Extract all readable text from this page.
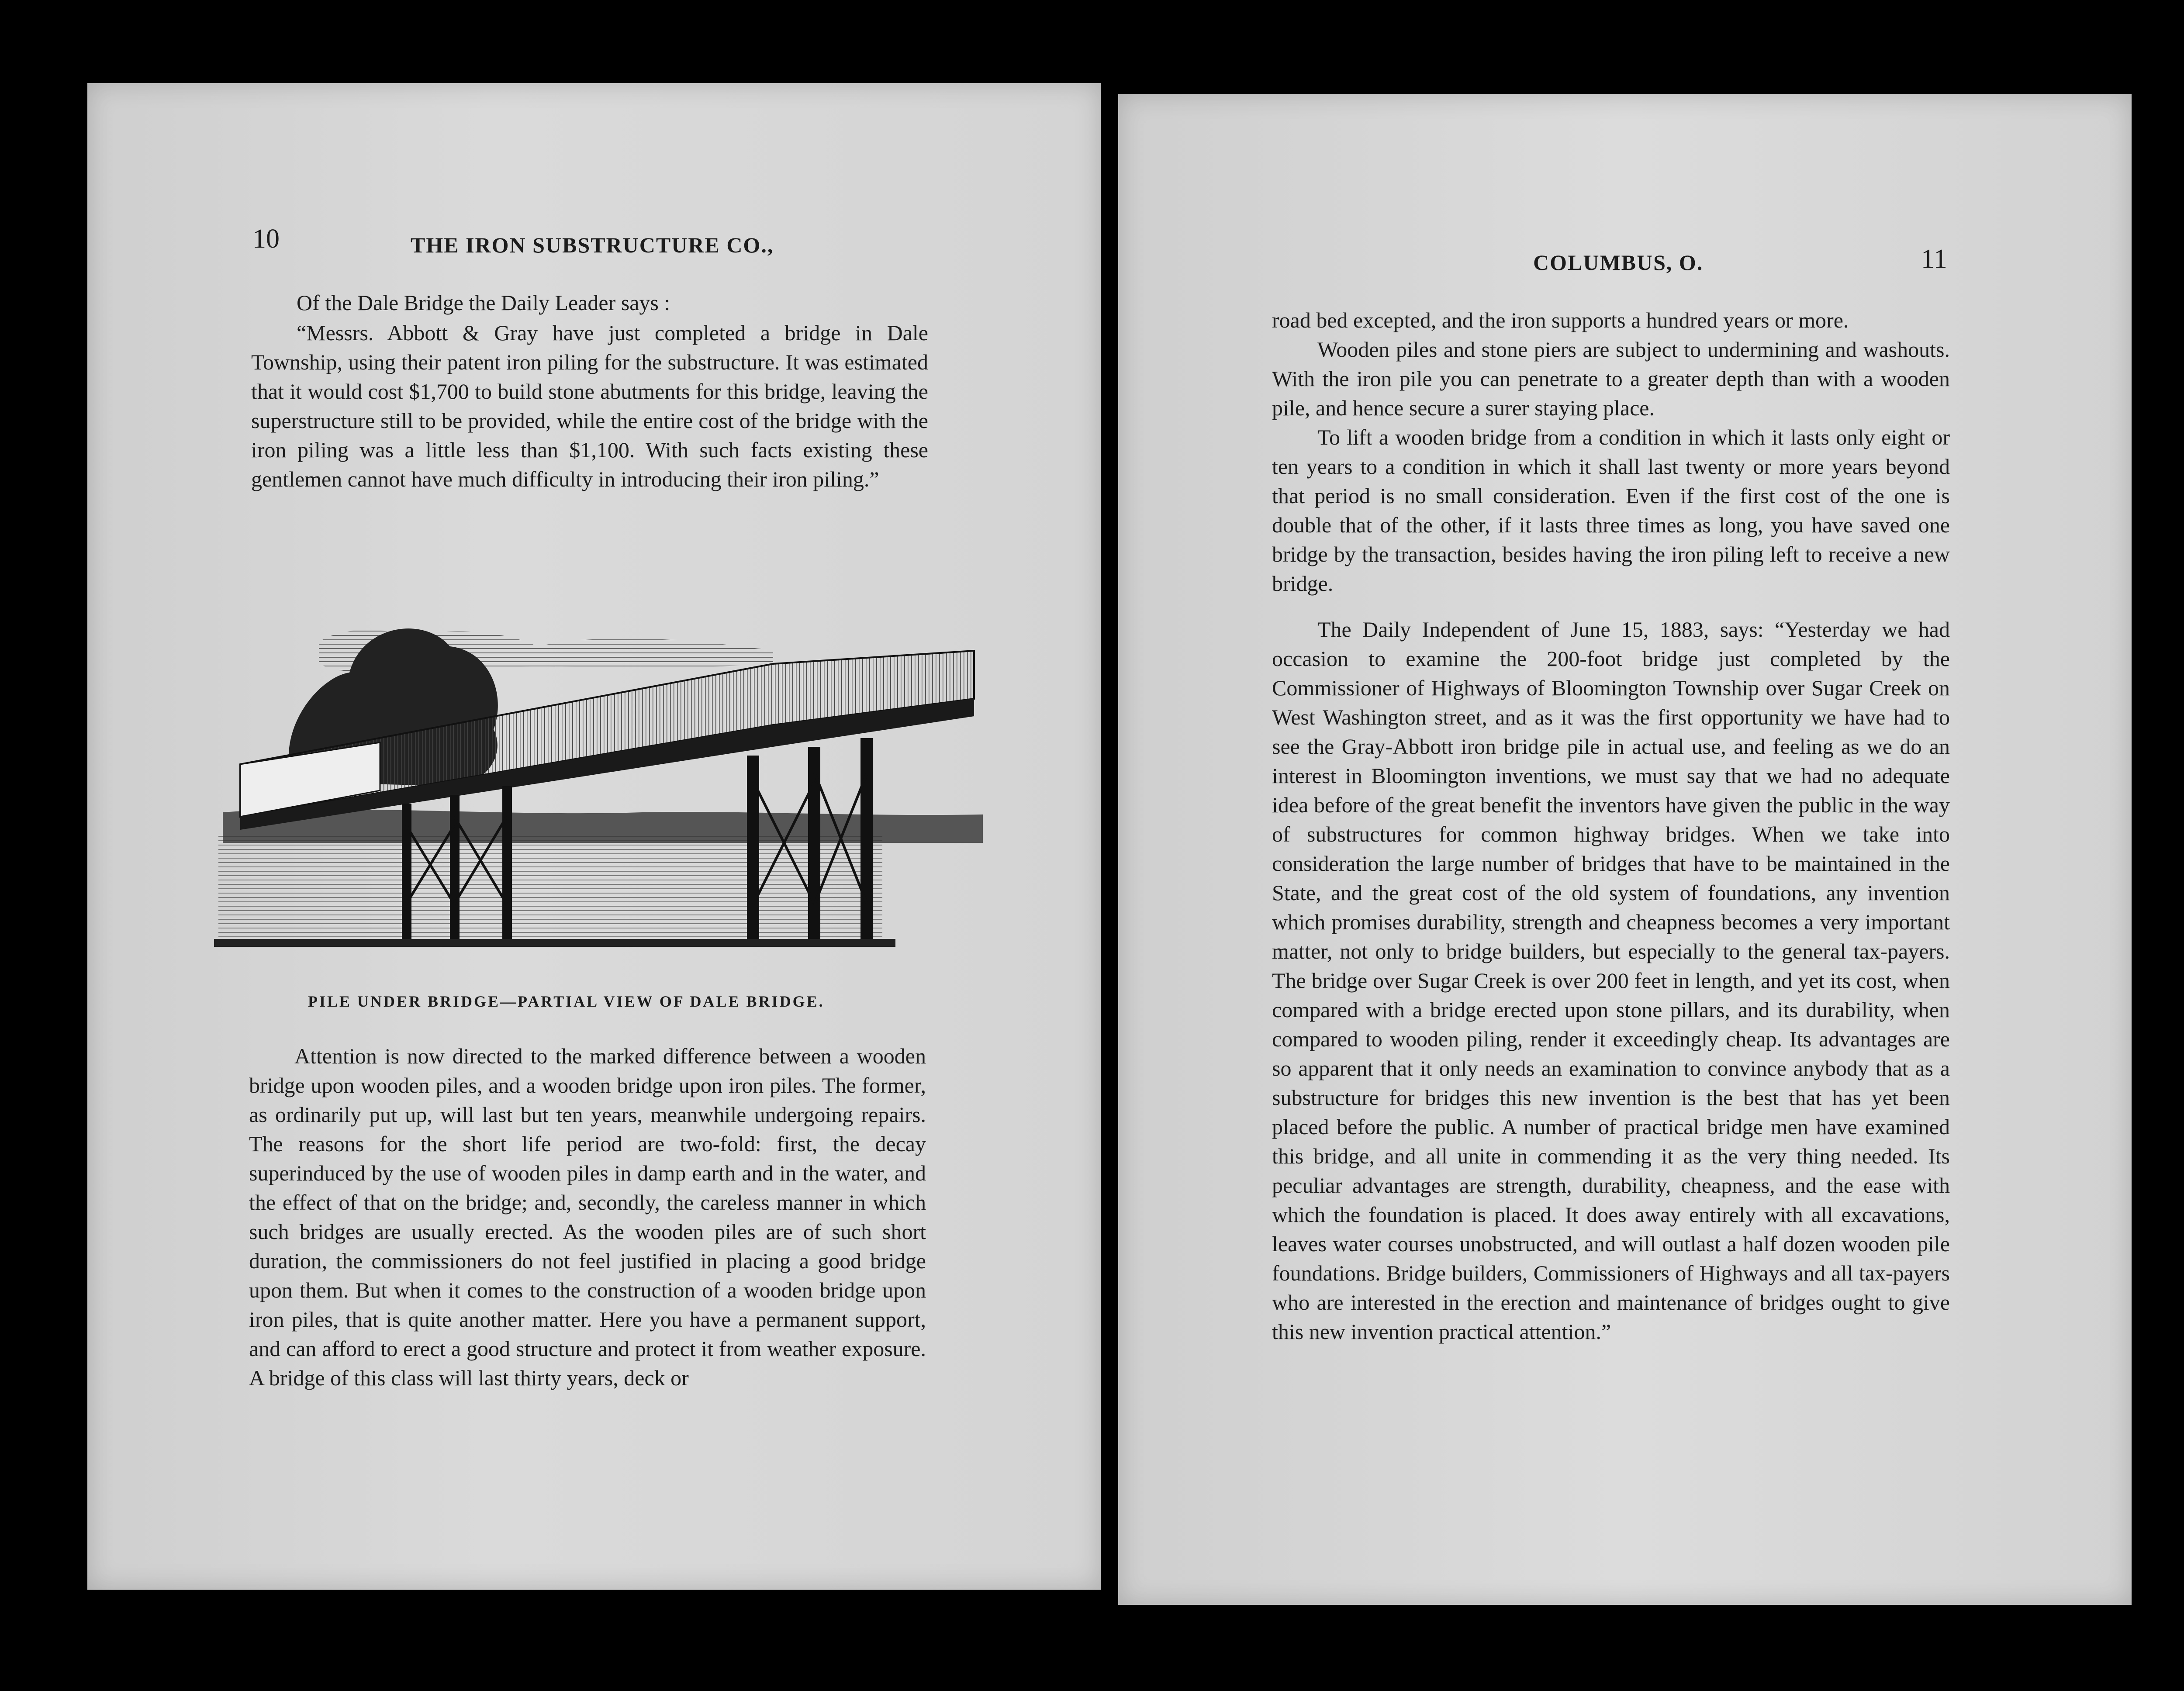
10	THE IRON SUBSTRUCTURE CO.,

Of the Dale Bridge the Daily Leader says :

“Messrs. Abbott & Gray have just completed a bridge in Dale Township, using their patent iron piling for the substructure. It was estimated that it would cost $1,700 to build stone abutments for this bridge, leaving the superstructure still to be provided, while the entire cost of the bridge with the iron piling was a little less than $1,100. With such facts existing these gentlemen cannot have much difficulty in introducing their iron piling.”

PILE UNDER BRIDGE—PARTIAL VIEW OF DALE BRIDGE.

Attention is now directed to the marked difference between a wooden bridge upon wooden piles, and a wooden bridge upon iron piles. The former, as ordinarily put up, will last but ten years, meanwhile undergoing repairs. The reasons for the short life period are two-fold: first, the decay superinduced by the use of wooden piles in damp earth and in the water, and the effect of that on the bridge; and, secondly, the careless manner in which such bridges are usually erected. As the wooden piles are of such short duration, the commissioners do not feel justified in placing a good bridge upon them. But when it comes to the construction of a wooden bridge upon iron piles, that is quite another matter. Here you have a permanent support, and can afford to erect a good structure and protect it from weather exposure. A bridge of this class will last thirty years, deck or

COLUMBUS, O.	11

road bed excepted, and the iron supports a hundred years or more.

Wooden piles and stone piers are subject to undermining and washouts. With the iron pile you can penetrate to a greater depth than with a wooden pile, and hence secure a surer staying place.

To lift a wooden bridge from a condition in which it lasts only eight or ten years to a condition in which it shall last twenty or more years beyond that period is no small consideration. Even if the first cost of the one is double that of the other, if it lasts three times as long, you have saved one bridge by the transaction, besides having the iron piling left to receive a new bridge.

The Daily Independent of June 15, 1883, says: “Yesterday we had occasion to examine the 200-foot bridge just completed by the Commissioner of Highways of Bloomington Township over Sugar Creek on West Washington street, and as it was the first opportunity we have had to see the Gray-Abbott iron bridge pile in actual use, and feeling as we do an interest in Bloomington inventions, we must say that we had no adequate idea before of the great benefit the inventors have given the public in the way of substructures for common highway bridges. When we take into consideration the large number of bridges that have to be maintained in the State, and the great cost of the old system of foundations, any invention which promises durability, strength and cheapness becomes a very important matter, not only to bridge builders, but especially to the general tax-payers. The bridge over Sugar Creek is over 200 feet in length, and yet its cost, when compared with a bridge erected upon stone pillars, and its durability, when compared to wooden piling, render it exceedingly cheap. Its advantages are so apparent that it only needs an examination to convince anybody that as a substructure for bridges this new invention is the best that has yet been placed before the public. A number of practical bridge men have examined this bridge, and all unite in commending it as the very thing needed. Its peculiar advantages are strength, durability, cheapness, and the ease with which the foundation is placed. It does away entirely with all excavations, leaves water courses unobstructed, and will outlast a half dozen wooden pile foundations. Bridge builders, Commissioners of Highways and all tax-payers who are interested in the erection and maintenance of bridges ought to give this new invention practical attention.”
